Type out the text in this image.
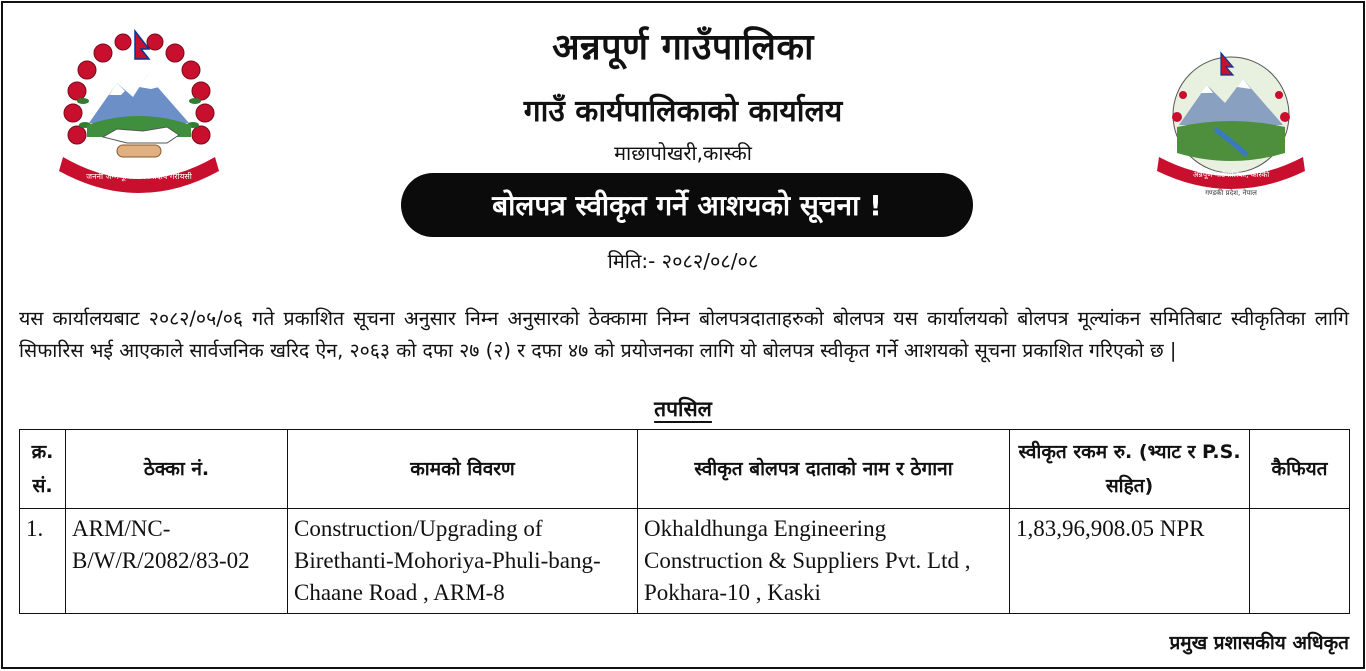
जननी जन्मभूमिश्च स्वर्गादपि गरीयसी
अन्नपूर्ण गाउँपालिका
गाउँ कार्यपालिकाको कार्यालय
माछापोखरी,कास्की
बोलपत्र स्वीकृत गर्ने आशयको सूचना !
मिति:- २०८२/०८/०८
अन्नपूर्ण गाउँपालिका, कास्की
गण्डकी प्रदेश, नेपाल

यस कार्यालयबाट २०८२/०५/०६ गते प्रकाशित सूचना अनुसार निम्न अनुसारको ठेक्कामा निम्न बोलपत्रदाताहरुको बोलपत्र यस कार्यालयको बोलपत्र मूल्यांकन समितिबाट स्वीकृतिका लागि सिफारिस भई आएकाले सार्वजनिक खरिद ऐन, २०६३ को दफा २७ (२) र दफा ४७ को प्रयोजनका लागि यो बोलपत्र स्वीकृत गर्ने आशयको सूचना प्रकाशित गरिएको छ |

तपसिल
क्र. सं.	ठेक्का नं.	कामको विवरण	स्वीकृत बोलपत्र दाताको नाम र ठेगाना	स्वीकृत रकम रु. (भ्याट र P.S. सहित)	कैफियत
1.	ARM/NC-B/W/R/2082/83-02	Construction/Upgrading of Birethanti-Mohoriya-Phuli-bang-Chaane Road , ARM-8	Okhaldhunga Engineering Construction & Suppliers Pvt. Ltd , Pokhara-10 , Kaski	1,83,96,908.05 NPR	
प्रमुख प्रशासकीय अधिकृत
